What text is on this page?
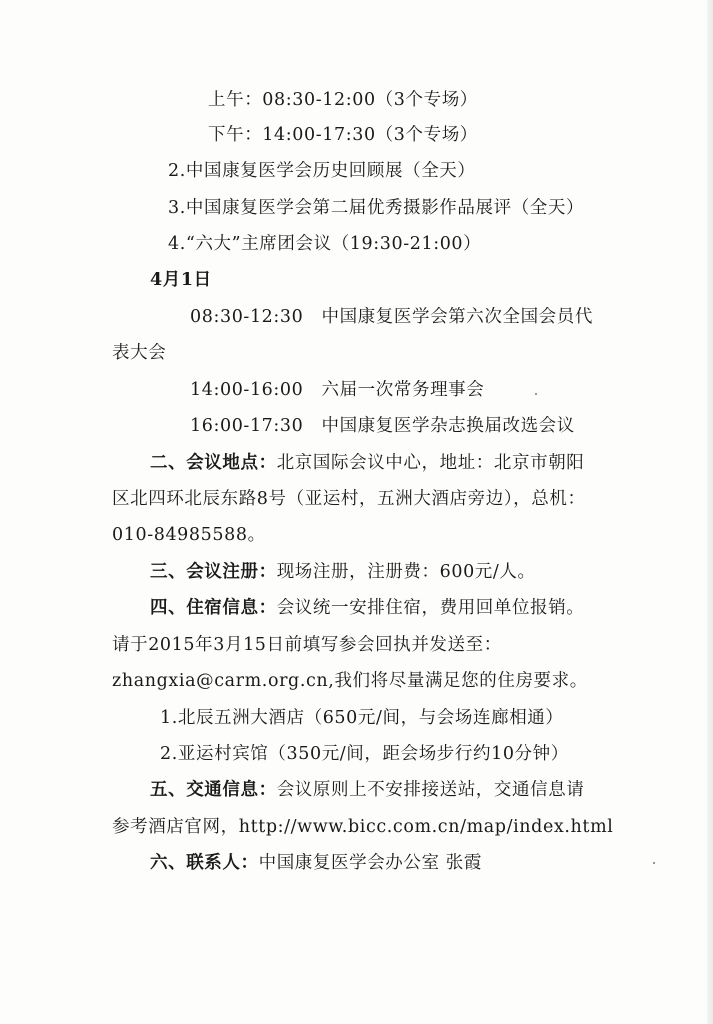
上午：08:30-12:00（3个专场）
下午：14:00-17:30（3个专场）
2.中国康复医学会历史回顾展（全天）
3.中国康复医学会第二届优秀摄影作品展评（全天）
4.“六大”主席团会议（19:30-21:00）
4月1日
08:30-12:30　中国康复医学会第六次全国会员代
表大会
14:00-16:00　六届一次常务理事会
16:00-17:30　中国康复医学杂志换届改选会议
二、会议地点：北京国际会议中心，地址：北京市朝阳
区北四环北辰东路8号（亚运村，五洲大酒店旁边），总机：
010-84985588。
三、会议注册：现场注册，注册费：600元/人。
四、住宿信息：会议统一安排住宿，费用回单位报销。
请于2015年3月15日前填写参会回执并发送至：
zhangxia@carm.org.cn,我们将尽量满足您的住房要求。
1.北辰五洲大酒店（650元/间，与会场连廊相通）
2.亚运村宾馆（350元/间，距会场步行约10分钟）
五、交通信息：会议原则上不安排接送站，交通信息请
参考酒店官网，http://www.bicc.com.cn/map/index.html
六、联系人：中国康复医学会办公室 张霞
